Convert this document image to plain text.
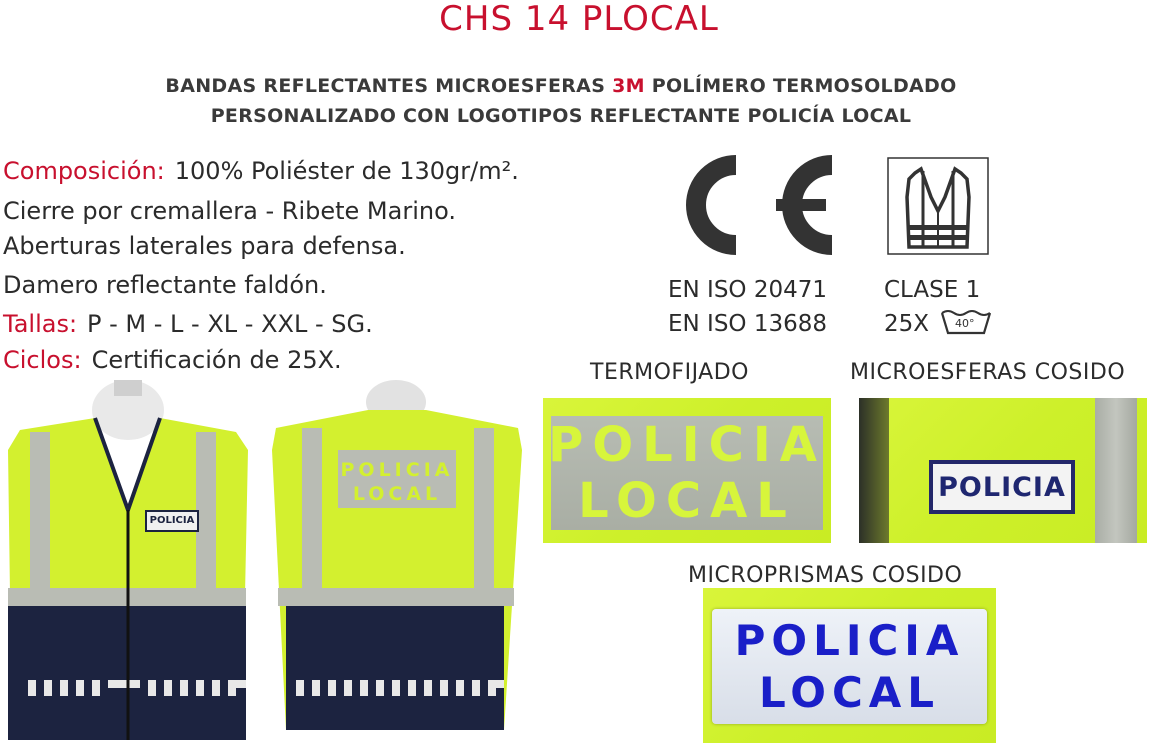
CHS 14 PLOCAL
BANDAS REFLECTANTES MICROESFERAS 3M POLÍMERO TERMOSOLDADO
PERSONALIZADO CON LOGOTIPOS REFLECTANTE POLICÍA LOCAL
Composición: 100% Poliéster de 130gr/m².
Cierre por cremallera - Ribete Marino.
Aberturas laterales para defensa.
Damero reflectante faldón.
Tallas: P - M - L - XL - XXL - SG.
Ciclos: Certificación de 25X.
EN ISO 20471
EN ISO 13688
CLASE 1
25X 40°
TERMOFIJADO	MICROESFERAS COSIDO
MICROPRISMAS COSIDO
POLICIA
LOCAL	POLICIA
POLICIA
LOCAL
POLICIA
POLICIA
LOCAL
